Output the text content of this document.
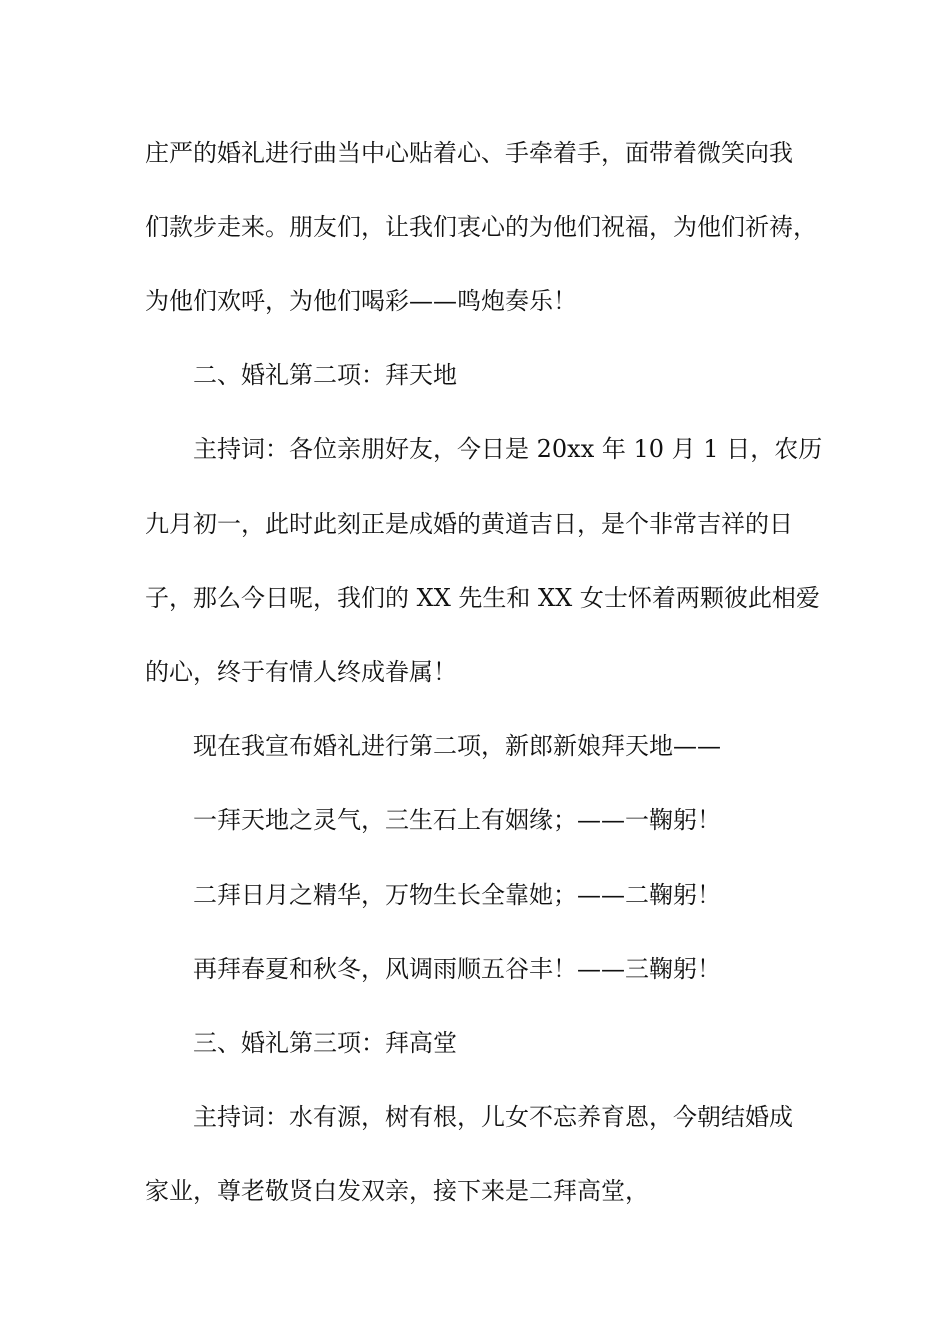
庄严的婚礼进行曲当中心贴着心、手牵着手，面带着微笑向我

们款步走来。朋友们，让我们衷心的为他们祝福，为他们祈祷，

为他们欢呼，为他们喝彩——鸣炮奏乐！

二、婚礼第二项：拜天地

主持词：各位亲朋好友，今日是 20xx 年 10 月 1 日，农历

九月初一，此时此刻正是成婚的黄道吉日，是个非常吉祥的日

子，那么今日呢，我们的 XX 先生和 XX 女士怀着两颗彼此相爱

的心，终于有情人终成眷属！

现在我宣布婚礼进行第二项，新郎新娘拜天地——

一拜天地之灵气，三生石上有姻缘；——一鞠躬！

二拜日月之精华，万物生长全靠她；——二鞠躬！

再拜春夏和秋冬，风调雨顺五谷丰！——三鞠躬！

三、婚礼第三项：拜高堂

主持词：水有源，树有根，儿女不忘养育恩，今朝结婚成

家业，尊老敬贤白发双亲，接下来是二拜高堂，
